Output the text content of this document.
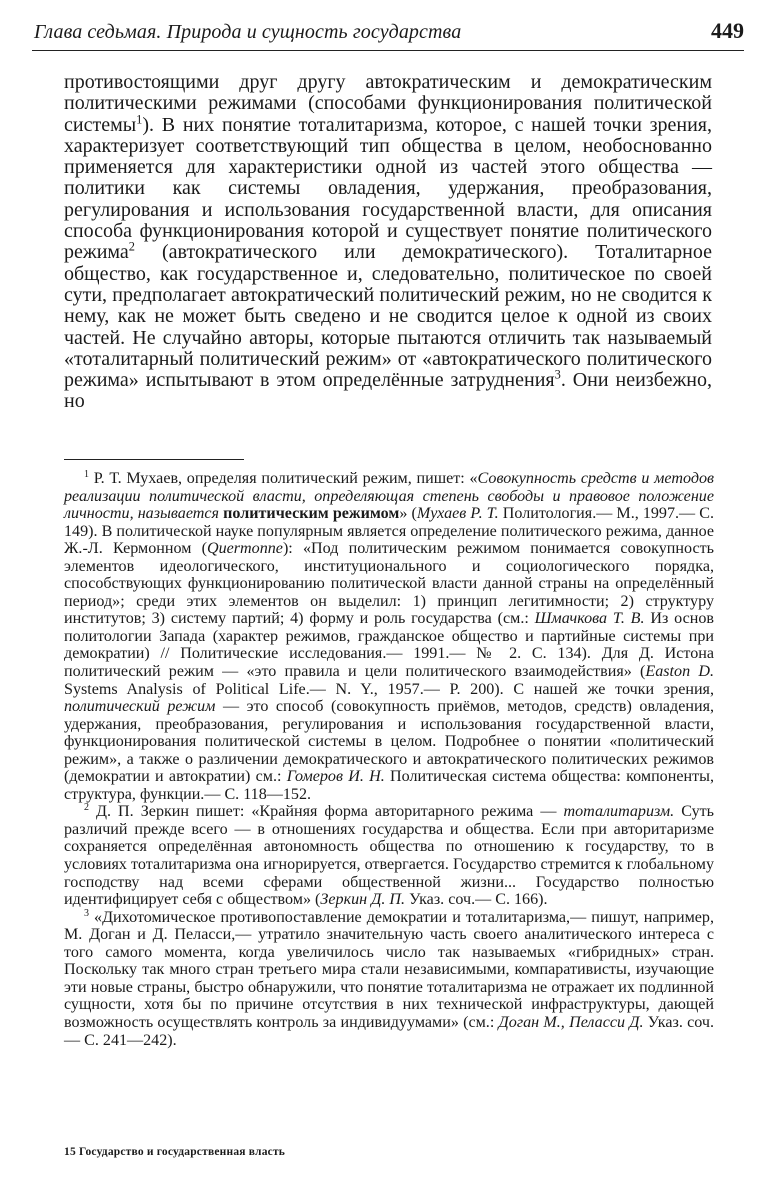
Глава седьмая. Природа и сущность государства	449

противостоящими друг другу автократическим и демократическим политическими режимами (способами функционирования политической системы$^1$). В них понятие тоталитаризма, которое, с нашей точки зрения, характеризует соответствующий тип общества в целом, необоснованно применяется для характеристики одной из частей этого общества — политики как системы овладения, удержания, преобразования, регулирования и использования государственной власти, для описания способа функционирования которой и существует понятие политического режима$^2$ (автократического или демократического). Тоталитарное общество, как государственное и, следовательно, политическое по своей сути, предполагает автократический политический режим, но не сводится к нему, как не может быть сведено и не сводится целое к одной из своих частей. Не случайно авторы, которые пытаются отличить так называемый «тоталитарный политический режим» от «автократического политического режима» испытывают в этом определённые затруднения$^3$. Они неизбежно, но

$^1$ Р. Т. Мухаев, определяя политический режим, пишет: «Совокупность средств и методов реализации политической власти, определяющая степень свободы и правовое положение личности, называется политическим режимом» (Мухаев Р. Т. Политология.— М., 1997.— С. 149). В политической науке популярным является определение политического режима, данное Ж.-Л. Кермонном (Quermonne): «Под политическим режимом понимается совокупность элементов идеологического, институционального и социологического порядка, способствующих функционированию политической власти данной страны на определённый период»; среди этих элементов он выделил: 1) принцип легитимности; 2) структуру институтов; 3) систему партий; 4) форму и роль государства (см.: Шмачкова Т. В. Из основ политологии Запада (характер режимов, гражданское общество и партийные системы при демократии) // Политические исследования.— 1991.— № 2. С. 134). Для Д. Истона политический режим — «это правила и цели политического взаимодействия» (Easton D. Systems Analysis of Political Life.— N. Y., 1957.— Р. 200). С нашей же точки зрения, политический режим — это способ (совокупность приёмов, методов, средств) овладения, удержания, преобразования, регулирования и использования государственной власти, функционирования политической системы в целом. Подробнее о понятии «политический режим», а также о различении демократического и автократического политических режимов (демократии и автократии) см.: Гомеров И. Н. Политическая система общества: компоненты, структура, функции.— С. 118—152.

$^2$ Д. П. Зеркин пишет: «Крайняя форма авторитарного режима — тоталитаризм. Суть различий прежде всего — в отношениях государства и общества. Если при авторитаризме сохраняется определённая автономность общества по отношению к государству, то в условиях тоталитаризма она игнорируется, отвергается. Государство стремится к глобальному господству над всеми сферами общественной жизни... Государство полностью идентифицирует себя с обществом» (Зеркин Д. П. Указ. соч.— С. 166).

$^3$ «Дихотомическое противопоставление демократии и тоталитаризма,— пишут, например, М. Доган и Д. Пеласси,— утратило значительную часть своего аналитического интереса с того самого момента, когда увеличилось число так называемых «гибридных» стран. Поскольку так много стран третьего мира стали независимыми, компаративисты, изучающие эти новые страны, быстро обнаружили, что понятие тоталитаризма не отражает их подлинной сущности, хотя бы по причине отсутствия в них технической инфраструктуры, дающей возможность осуществлять контроль за индивидуумами» (см.: Доган М., Пеласси Д. Указ. соч.— С. 241—242).

15 Государство и государственная власть
